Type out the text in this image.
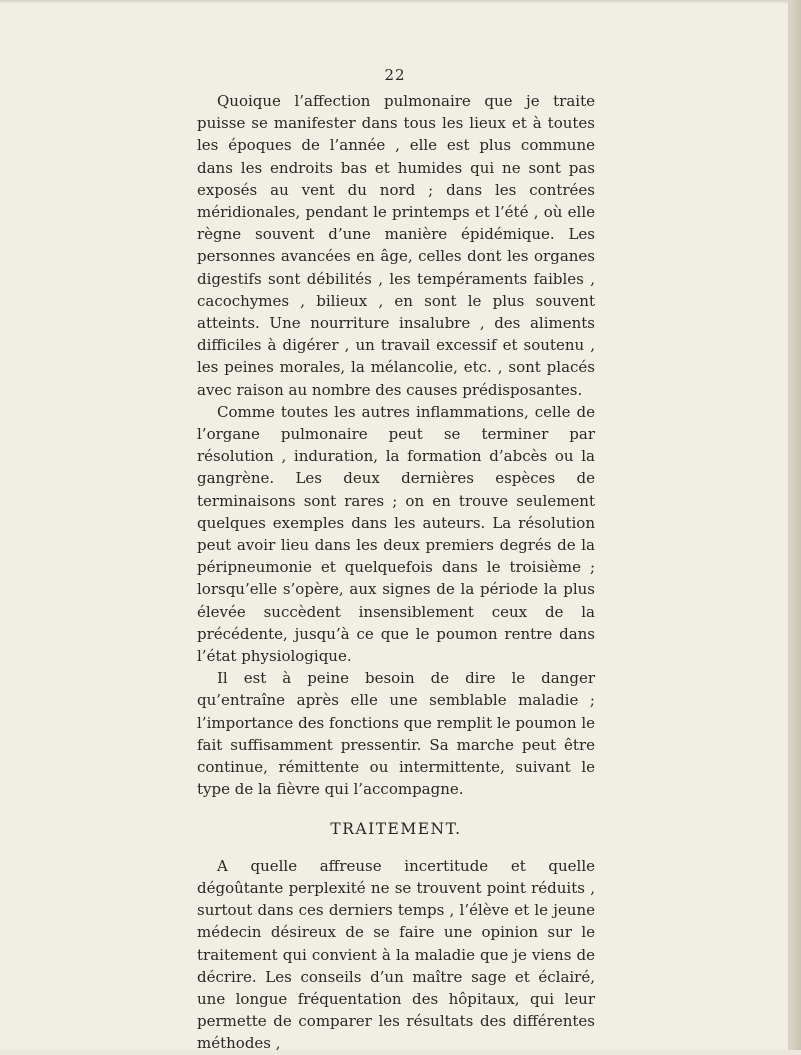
22

Quoique l’affection pulmonaire que je traite puisse se manifester dans tous les lieux et à toutes les époques de l’année , elle est plus commune dans les endroits bas et humides qui ne sont pas exposés au vent du nord ; dans les contrées méridionales, pendant le printemps et l’été , où elle règne souvent d’une manière épidémique. Les personnes avancées en âge, celles dont les organes digestifs sont débilités , les tempéraments faibles , cacochymes , bilieux , en sont le plus souvent atteints. Une nourriture insalubre , des aliments difficiles à digérer , un travail excessif et soutenu , les peines morales, la mélancolie, etc. , sont placés avec raison au nombre des causes prédisposantes.

Comme toutes les autres inflammations, celle de l’organe pulmonaire peut se terminer par résolution , induration, la formation d’abcès ou la gangrène. Les deux dernières espèces de terminaisons sont rares ; on en trouve seulement quelques exemples dans les auteurs. La résolution peut avoir lieu dans les deux premiers degrés de la péripneumonie et quelquefois dans le troisième ; lorsqu’elle s’opère, aux signes de la période la plus élevée succèdent insensiblement ceux de la précédente, jusqu’à ce que le poumon rentre dans l’état physiologique.

Il est à peine besoin de dire le danger qu’entraîne après elle une semblable maladie ; l’importance des fonctions que remplit le poumon le fait suffisamment pressentir. Sa marche peut être continue, rémittente ou intermittente, suivant le type de la fièvre qui l’accompagne.

TRAITEMENT.

A quelle affreuse incertitude et quelle dégoûtante perplexité ne se trouvent point réduits , surtout dans ces derniers temps , l’élève et le jeune médecin désireux de se faire une opinion sur le traitement qui convient à la maladie que je viens de décrire. Les conseils d’un maître sage et éclairé, une longue fréquentation des hôpitaux, qui leur permette de comparer les résultats des différentes méthodes ,
